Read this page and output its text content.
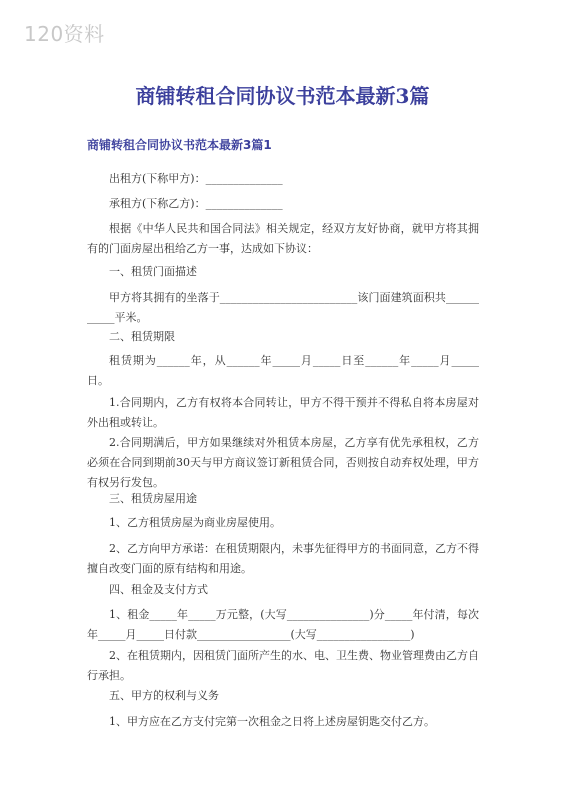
120资料
商铺转租合同协议书范本最新3篇
商铺转租合同协议书范本最新3篇1

出租方(下称甲方)：______________

承租方(下称乙方)：______________

根据《中华人民共和国合同法》相关规定，经双方友好协商，就甲方将其拥有的门面房屋出租给乙方一事，达成如下协议：

一、租赁门面描述

甲方将其拥有的坐落于_________________________该门面建筑面积共___________平米。

二、租赁期限

租赁期为______年，从______年_____月_____日至______年_____月_____日。

1.合同期内，乙方有权将本合同转让，甲方不得干预并不得私自将本房屋对外出租或转让。

2.合同期满后，甲方如果继续对外租赁本房屋，乙方享有优先承租权，乙方必须在合同到期前30天与甲方商议签订新租赁合同，否则按自动弃权处理，甲方有权另行发包。

三、租赁房屋用途

1、乙方租赁房屋为商业房屋使用。

2、乙方向甲方承诺：在租赁期限内，未事先征得甲方的书面同意，乙方不得擅自改变门面的原有结构和用途。

四、租金及支付方式

1、租金_____年_____万元整，(大写_______________)分_____年付清，每次年_____月_____日付款_________________(大写_________________)

2、在租赁期内，因租赁门面所产生的水、电、卫生费、物业管理费由乙方自行承担。

五、甲方的权利与义务

1、甲方应在乙方支付完第一次租金之日将上述房屋钥匙交付乙方。
